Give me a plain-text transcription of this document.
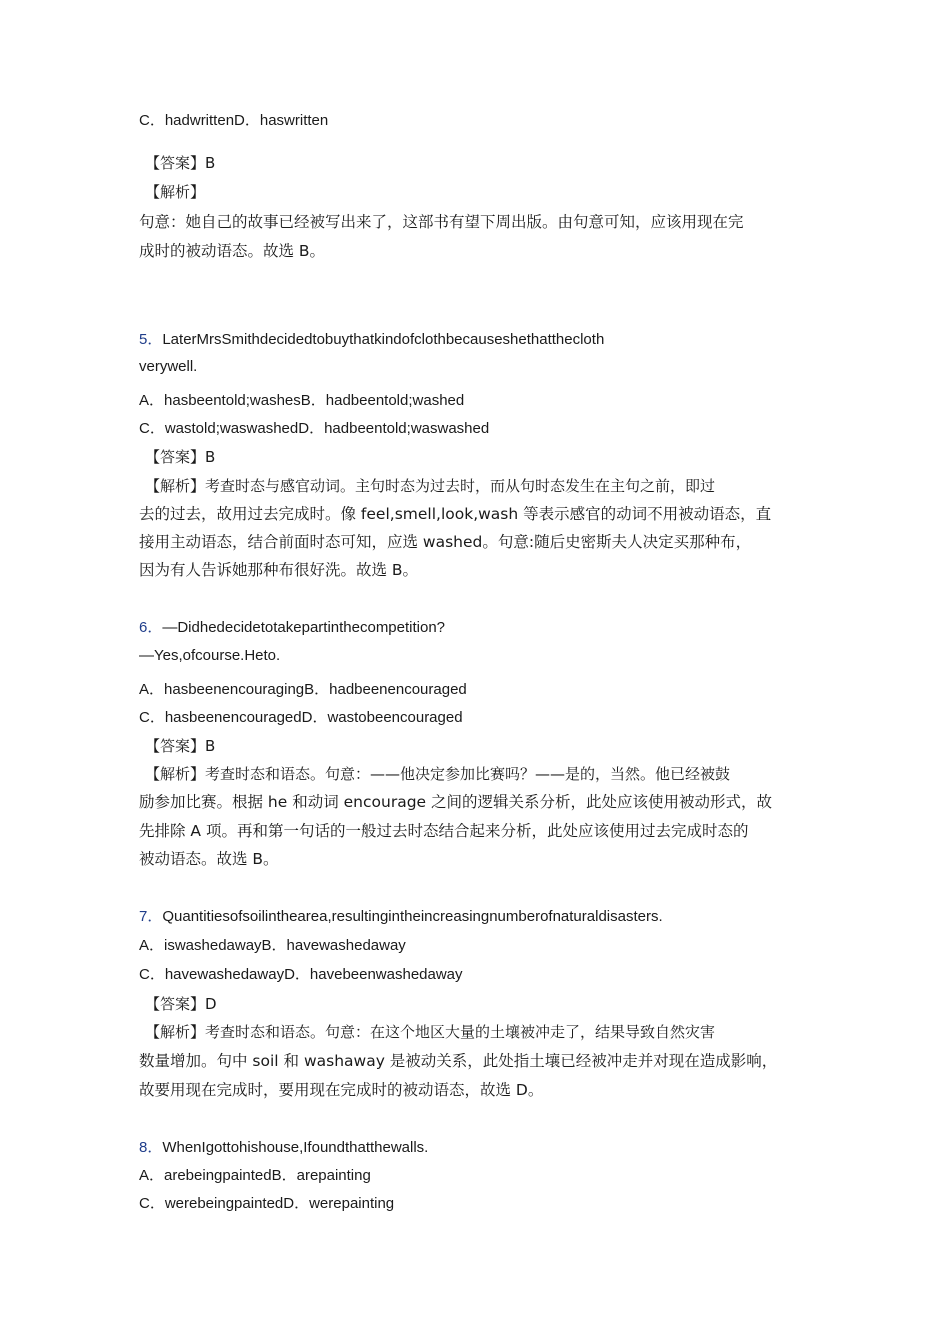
C．hadwrittenD．haswritten
【答案】B
【解析】
句意：她自己的故事已经被写出来了，这部书有望下周出版。由句意可知，应该用现在完
成时的被动语态。故选 B。
5．LaterMrsSmithdecidedtobuythatkindofclothbecauseshethatthecloth
verywell.
A．hasbeentold;washesB．hadbeentold;washed
C．wastold;waswashedD．hadbeentold;waswashed
【答案】B
【解析】考查时态与感官动词。主句时态为过去时，而从句时态发生在主句之前，即过
去的过去，故用过去完成时。像 feel,smell,look,wash 等表示感官的动词不用被动语态，直
接用主动语态，结合前面时态可知，应选 washed。句意:随后史密斯夫人决定买那种布，
因为有人告诉她那种布很好洗。故选 B。
6．—Didhedecidetotakepartinthecompetition?
—Yes,ofcourse.Heto.
A．hasbeenencouragingB．hadbeenencouraged
C．hasbeenencouragedD．wastobeencouraged
【答案】B
【解析】考查时态和语态。句意：——他决定参加比赛吗？——是的，当然。他已经被鼓
励参加比赛。根据 he 和动词 encourage 之间的逻辑关系分析，此处应该使用被动形式，故
先排除 A 项。再和第一句话的一般过去时态结合起来分析，此处应该使用过去完成时态的
被动语态。故选 B。
7．Quantitiesofsoilinthearea,resultingintheincreasingnumberofnaturaldisasters.
A．iswashedawayB．havewashedaway
C．havewashedawayD．havebeenwashedaway
【答案】D
【解析】考查时态和语态。句意：在这个地区大量的土壤被冲走了，结果导致自然灾害
数量增加。句中 soil 和 washaway 是被动关系，此处指土壤已经被冲走并对现在造成影响，
故要用现在完成时，要用现在完成时的被动语态，故选 D。
8．WhenIgottohishouse,Ifoundthatthewalls.
A．arebeingpaintedB．arepainting
C．werebeingpaintedD．werepainting
